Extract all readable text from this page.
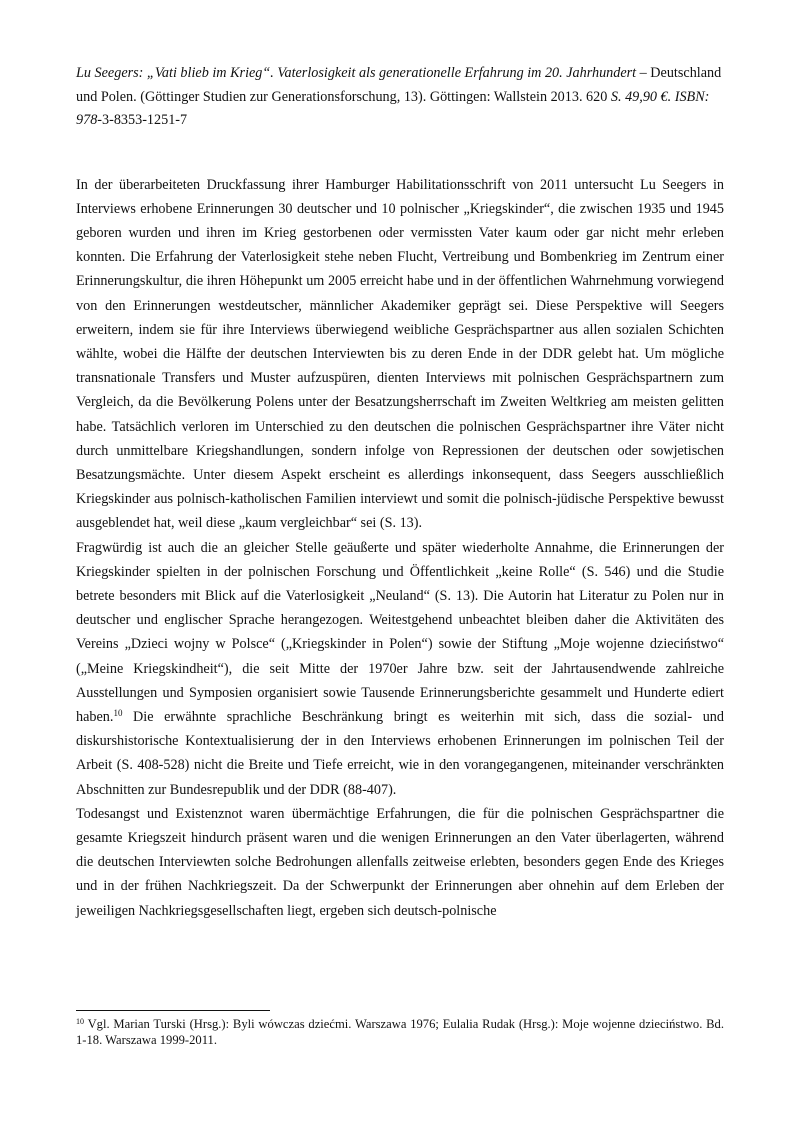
Lu Seegers: „Vati blieb im Krieg“. Vaterlosigkeit als generationelle Erfahrung im 20. Jahrhundert – Deutschland und Polen. (Göttinger Studien zur Generationsforschung, 13). Göttingen: Wallstein 2013. 620 S. 49,90 €. ISBN: 978-3-8353-1251-7

In der überarbeiteten Druckfassung ihrer Hamburger Habilitationsschrift von 2011 untersucht Lu Seegers in Interviews erhobene Erinnerungen 30 deutscher und 10 polnischer „Kriegskinder“, die zwischen 1935 und 1945 geboren wurden und ihren im Krieg gestorbenen oder vermissten Vater kaum oder gar nicht mehr erleben konnten. Die Erfahrung der Vaterlosigkeit stehe neben Flucht, Vertreibung und Bombenkrieg im Zentrum einer Erinnerungskultur, die ihren Höhepunkt um 2005 erreicht habe und in der öffentlichen Wahrnehmung vorwiegend von den Erinnerungen westdeutscher, männlicher Akademiker geprägt sei. Diese Perspektive will Seegers erweitern, indem sie für ihre Interviews überwiegend weibliche Gesprächspartner aus allen sozialen Schichten wählte, wobei die Hälfte der deutschen Interviewten bis zu deren Ende in der DDR gelebt hat. Um mögliche transnationale Transfers und Muster aufzuspüren, dienten Interviews mit polnischen Gesprächspartnern zum Vergleich, da die Bevölkerung Polens unter der Besatzungsherrschaft im Zweiten Weltkrieg am meisten gelitten habe. Tatsächlich verloren im Unterschied zu den deutschen die polnischen Gesprächspartner ihre Väter nicht durch unmittelbare Kriegshandlungen, sondern infolge von Repressionen der deutschen oder sowjetischen Besatzungsmächte. Unter diesem Aspekt erscheint es allerdings inkonsequent, dass Seegers ausschließlich Kriegskinder aus polnisch-katholischen Familien interviewt und somit die polnisch-jüdische Perspektive bewusst ausgeblendet hat, weil diese „kaum vergleichbar“ sei (S. 13).

Fragwürdig ist auch die an gleicher Stelle geäußerte und später wiederholte Annahme, die Erinnerungen der Kriegskinder spielten in der polnischen Forschung und Öffentlichkeit „keine Rolle“ (S. 546) und die Studie betrete besonders mit Blick auf die Vaterlosigkeit „Neuland“ (S. 13). Die Autorin hat Literatur zu Polen nur in deutscher und englischer Sprache herangezogen. Weitestgehend unbeachtet bleiben daher die Aktivitäten des Vereins „Dzieci wojny w Polsce“ („Kriegskinder in Polen“) sowie der Stiftung „Moje wojenne dzieciństwo“ („Meine Kriegskindheit“), die seit Mitte der 1970er Jahre bzw. seit der Jahrtausendwende zahlreiche Ausstellungen und Symposien organisiert sowie Tausende Erinnerungsberichte gesammelt und Hunderte ediert haben.$^{10}$ Die erwähnte sprachliche Beschränkung bringt es weiterhin mit sich, dass die sozial- und diskurshistorische Kontextualisierung der in den Interviews erhobenen Erinnerungen im polnischen Teil der Arbeit (S. 408-528) nicht die Breite und Tiefe erreicht, wie in den vorangegangenen, miteinander verschränkten Abschnitten zur Bundesrepublik und der DDR (88-407).

Todesangst und Existenznot waren übermächtige Erfahrungen, die für die polnischen Gesprächspartner die gesamte Kriegszeit hindurch präsent waren und die wenigen Erinnerungen an den Vater überlagerten, während die deutschen Interviewten solche Bedrohungen allenfalls zeitweise erlebten, besonders gegen Ende des Krieges und in der frühen Nachkriegszeit. Da der Schwerpunkt der Erinnerungen aber ohnehin auf dem Erleben der jeweiligen Nachkriegsgesellschaften liegt, ergeben sich deutsch-polnische

$^{10}$ Vgl. Marian Turski (Hrsg.): Byli wówczas dziećmi. Warszawa 1976; Eulalia Rudak (Hrsg.): Moje wojenne dzieciństwo. Bd. 1-18. Warszawa 1999-2011.
